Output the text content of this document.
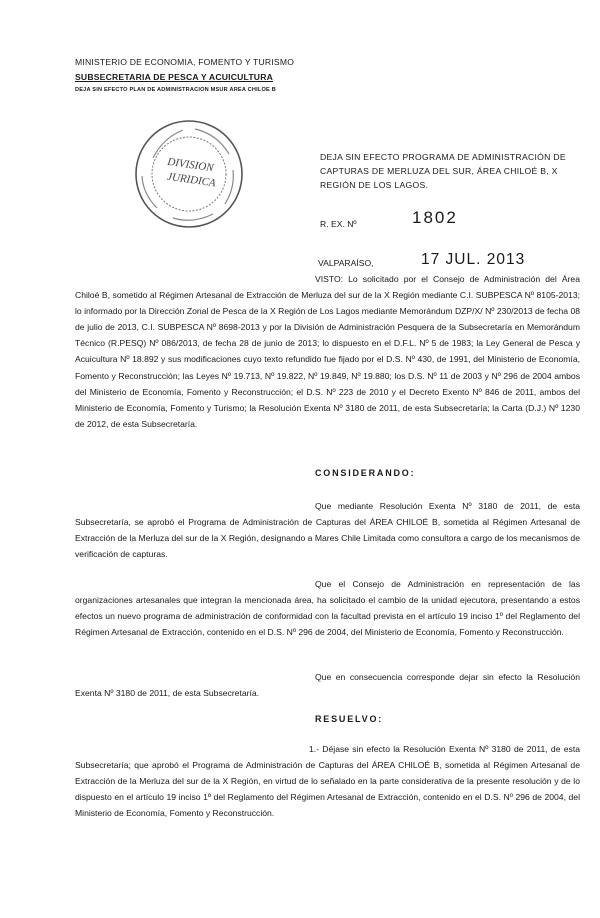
MINISTERIO DE ECONOMIA, FOMENTO Y TURISMO
SUBSECRETARIA DE PESCA Y ACUICULTURA
DEJA SIN EFECTO PLAN DE ADMINISTRACION MSUR AREA CHILOE B
DIVISION
JURIDICA
DEJA SIN EFECTO PROGRAMA DE ADMINISTRACIÓN DE CAPTURAS DE MERLUZA DEL SUR, ÁREA CHILOÉ B, X REGIÓN DE LOS LAGOS.
R. EX. Nº	1802
VALPARAÍSO,	17 JUL. 2013
VISTO: Lo solicitado por el Consejo de Administración del Área Chiloé B, sometido al Régimen Artesanal de Extracción de Merluza del sur de la X Región mediante C.I. SUBPESCA Nº 8105-2013; lo informado por la Dirección Zonal de Pesca de la X Región de Los Lagos mediante Memorándum DZP/X/ Nº 230/2013 de fecha 08 de julio de 2013, C.I. SUBPESCA Nº 8698-2013 y por la División de Administración Pesquera de la Subsecretaría en Memorándum Técnico (R.PESQ) Nº 086/2013, de fecha 28 de junio de 2013; lo dispuesto en el D.F.L. Nº 5 de 1983; la Ley General de Pesca y Acuicultura Nº 18.892 y sus modificaciones cuyo texto refundido fue fijado por el D.S. Nº 430, de 1991, del Ministerio de Economía, Fomento y Reconstrucción; las Leyes Nº 19.713, Nº 19.822, Nº 19.849, Nº 19.880; los D.S. Nº 11 de 2003 y Nº 296 de 2004 ambos del Ministerio de Economía, Fomento y Reconstrucción; el D.S. Nº 223 de 2010 y el Decreto Exento Nº 846 de 2011, ambos del Ministerio de Economía, Fomento y Turismo; la Resolución Exenta Nº 3180 de 2011, de esta Subsecretaría; la Carta (D.J.) Nº 1230 de 2012, de esta Subsecretaría.
CONSIDERANDO:
Que mediante Resolución Exenta Nº 3180 de 2011, de esta Subsecretaría, se aprobó el Programa de Administración de Capturas del ÁREA CHILOÉ B, sometida al Régimen Artesanal de Extracción de la Merluza del sur de la X Región, designando a Mares Chile Limitada como consultora a cargo de los mecanismos de verificación de capturas.
Que el Consejo de Administración en representación de las organizaciones artesanales que integran la mencionada área, ha solicitado el cambio de la unidad ejecutora, presentando a estos efectos un nuevo programa de administración de conformidad con la facultad prevista en el artículo 19 inciso 1º del Reglamento del Régimen Artesanal de Extracción, contenido en el D.S. Nº 296 de 2004, del Ministerio de Economía, Fomento y Reconstrucción.
Que en consecuencia corresponde dejar sin efecto la Resolución Exenta Nº 3180 de 2011, de esta Subsecretaría.
RESUELVO:
1.- Déjase sin efecto la Resolución Exenta Nº 3180 de 2011, de esta Subsecretaría; que aprobó el Programa de Administración de Capturas del ÁREA CHILOÉ B, sometida al Régimen Artesanal de Extracción de la Merluza del sur de la X Región, en virtud de lo señalado en la parte considerativa de la presente resolución y de lo dispuesto en el artículo 19 inciso 1º del Reglamento del Régimen Artesanal de Extracción, contenido en el D.S. Nº 296 de 2004, del Ministerio de Economía, Fomento y Reconstrucción.
